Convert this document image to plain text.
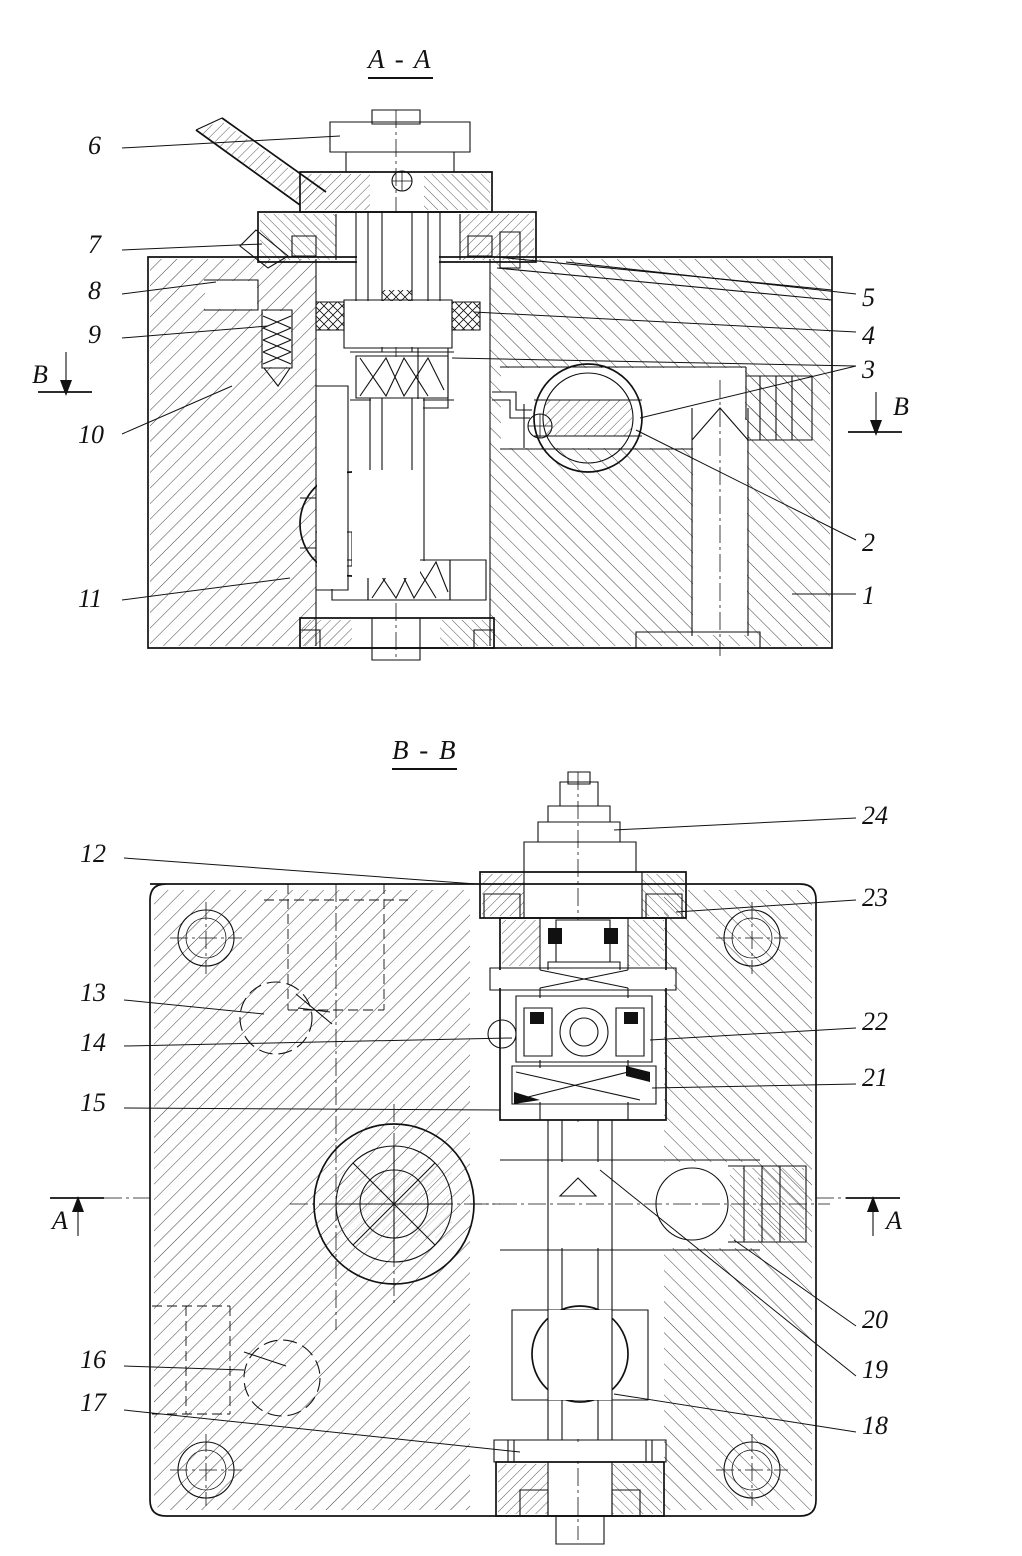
A - A
В - В
В
В
A	A
6
7
8
9
10
11
5
4
3
2
1
12
13
14
15
16
17
24
23
22
21
20
19
18
